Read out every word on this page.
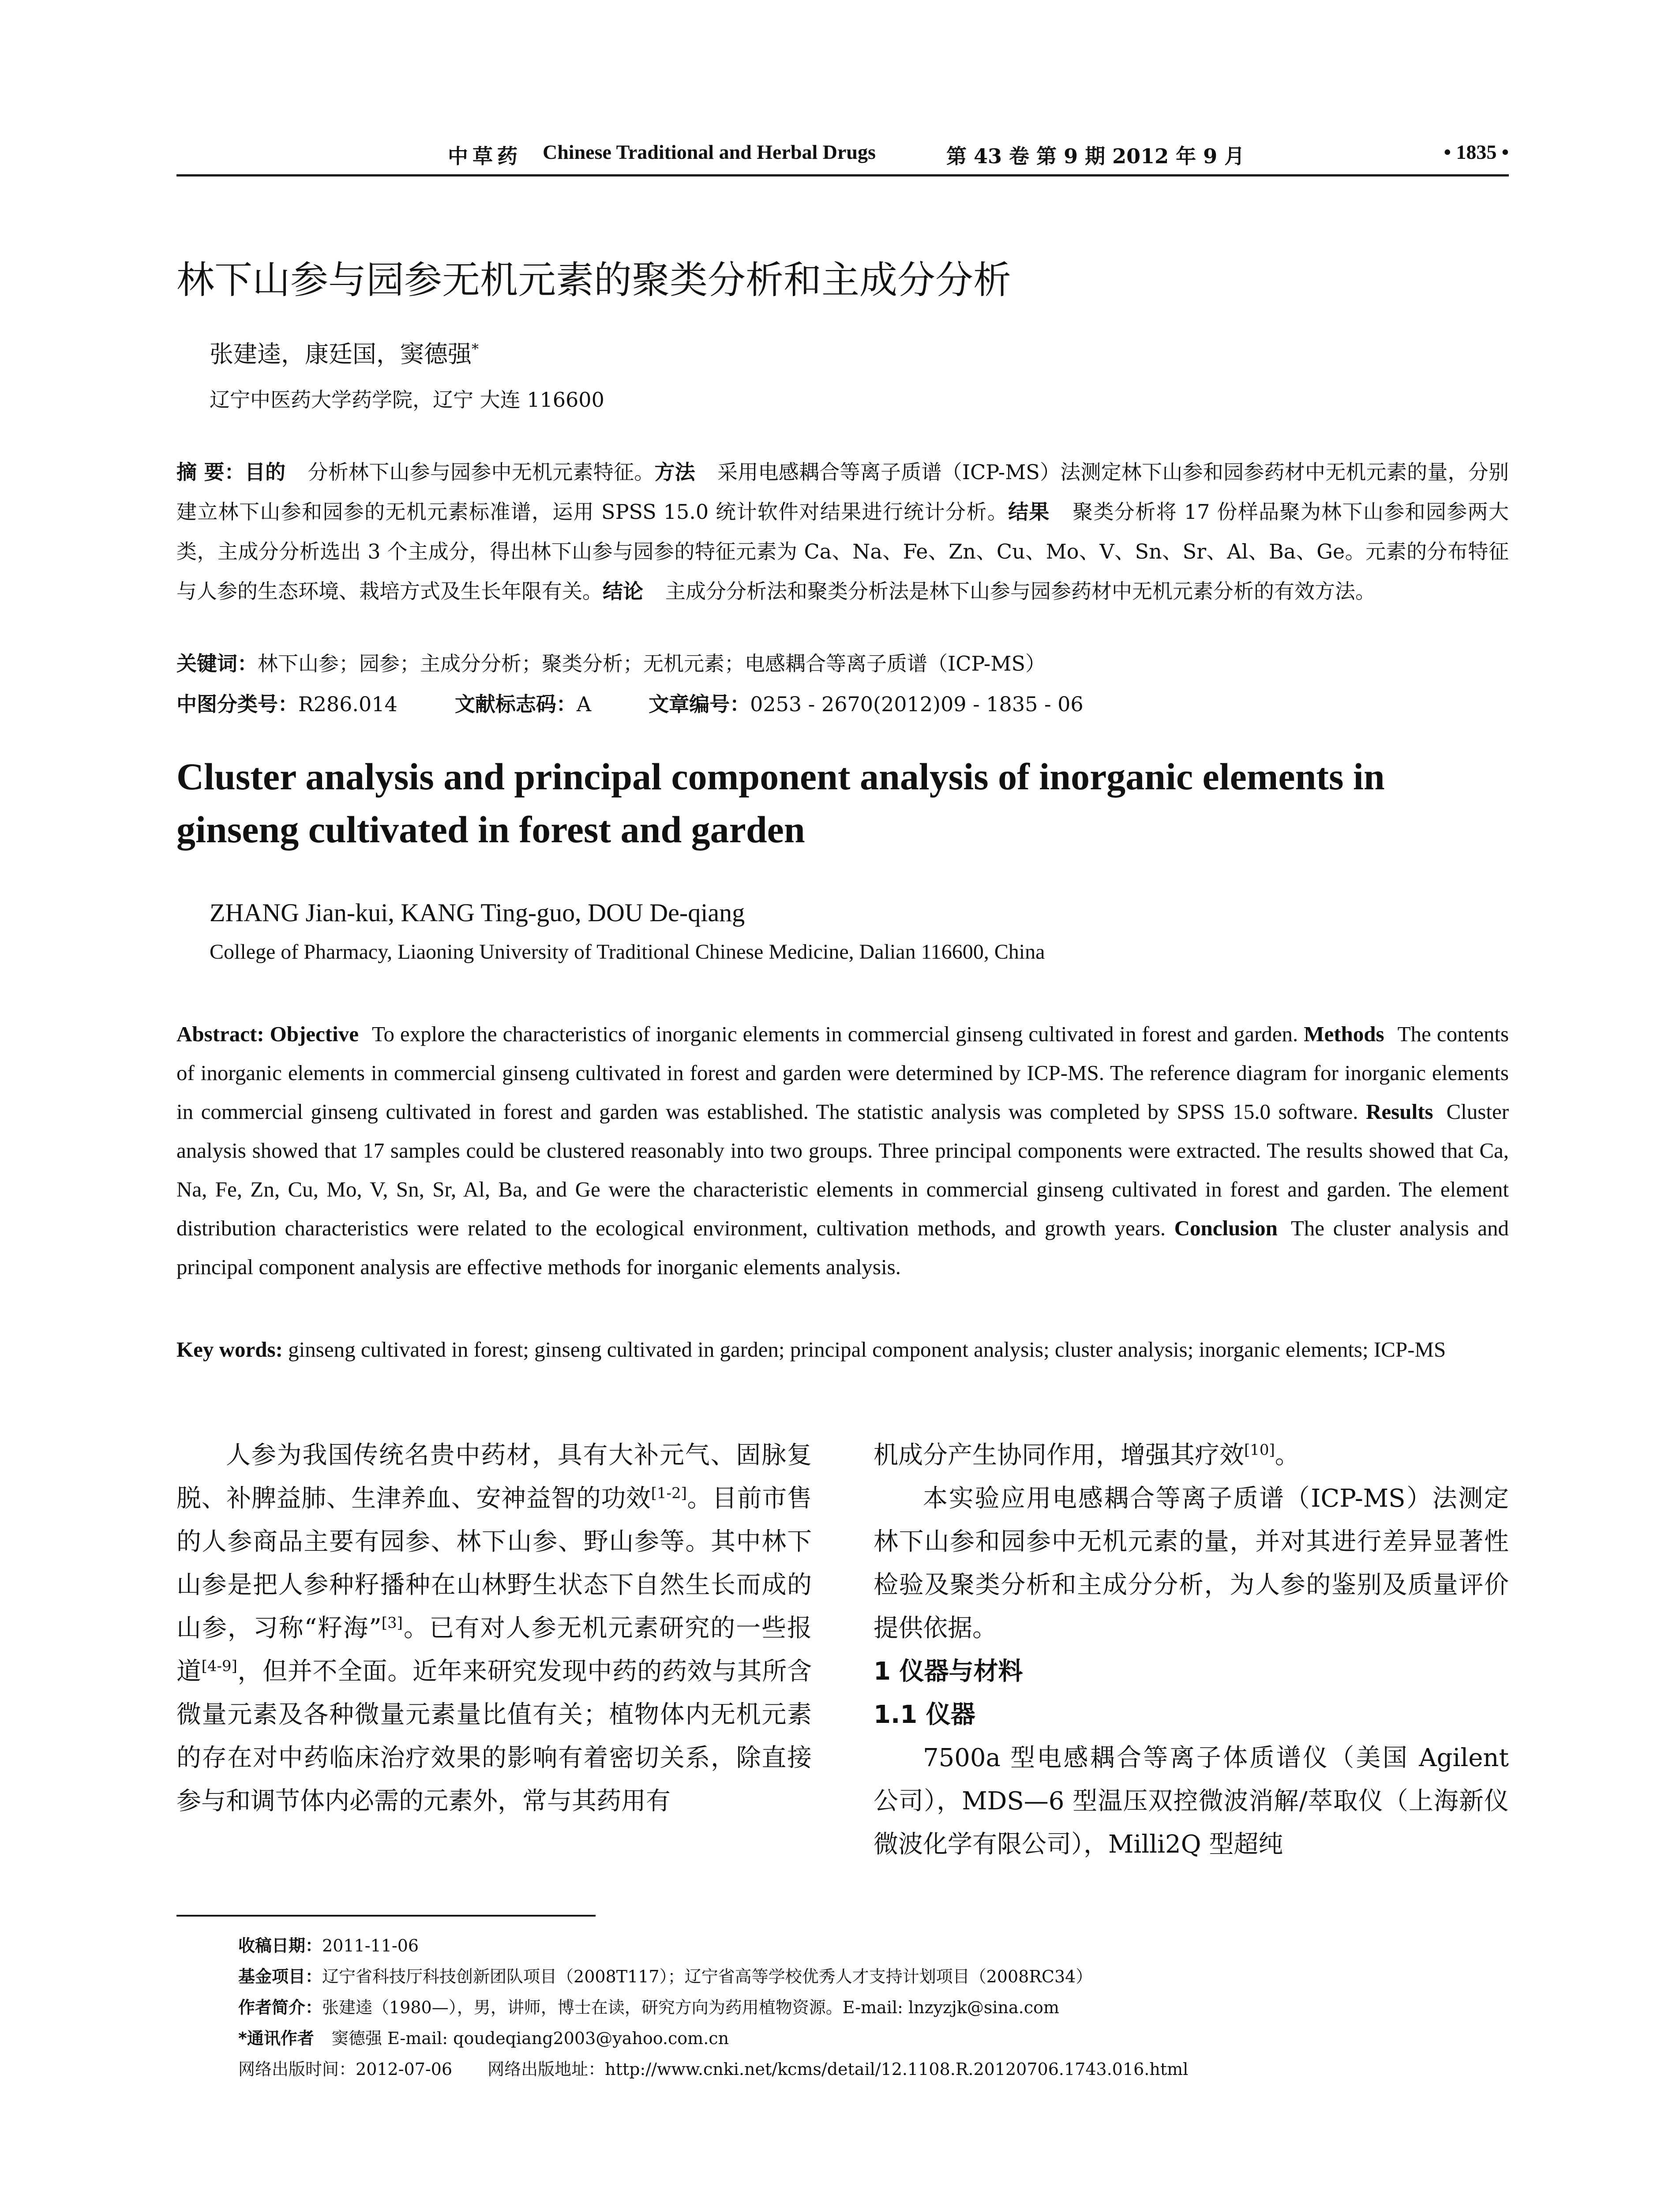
中草药 Chinese Traditional and Herbal Drugs	第 43 卷 第 9 期 2012 年 9 月	• 1835 •
林下山参与园参无机元素的聚类分析和主成分分析
张建逵，康廷国，窦德强*
辽宁中医药大学药学院，辽宁 大连 116600
摘 要：目的 分析林下山参与园参中无机元素特征。方法 采用电感耦合等离子质谱（ICP-MS）法测定林下山参和园参药材中无机元素的量，分别建立林下山参和园参的无机元素标准谱，运用 SPSS 15.0 统计软件对结果进行统计分析。结果 聚类分析将 17 份样品聚为林下山参和园参两大类，主成分分析选出 3 个主成分，得出林下山参与园参的特征元素为 Ca、Na、Fe、Zn、Cu、Mo、V、Sn、Sr、Al、Ba、Ge。元素的分布特征与人参的生态环境、栽培方式及生长年限有关。结论 主成分分析法和聚类分析法是林下山参与园参药材中无机元素分析的有效方法。
关键词：林下山参；园参；主成分分析；聚类分析；无机元素；电感耦合等离子质谱（ICP-MS）
中图分类号：R286.014	文献标志码：A	文章编号：0253 - 2670(2012)09 - 1835 - 06
Cluster analysis and principal component analysis of inorganic elements in ginseng cultivated in forest and garden
ZHANG Jian-kui, KANG Ting-guo, DOU De-qiang
College of Pharmacy, Liaoning University of Traditional Chinese Medicine, Dalian 116600, China
Abstract: Objective To explore the characteristics of inorganic elements in commercial ginseng cultivated in forest and garden. Methods The contents of inorganic elements in commercial ginseng cultivated in forest and garden were determined by ICP-MS. The reference diagram for inorganic elements in commercial ginseng cultivated in forest and garden was established. The statistic analysis was completed by SPSS 15.0 software. Results Cluster analysis showed that 17 samples could be clustered reasonably into two groups. Three principal components were extracted. The results showed that Ca, Na, Fe, Zn, Cu, Mo, V, Sn, Sr, Al, Ba, and Ge were the characteristic elements in commercial ginseng cultivated in forest and garden. The element distribution characteristics were related to the ecological environment, cultivation methods, and growth years. Conclusion The cluster analysis and principal component analysis are effective methods for inorganic elements analysis.
Key words: ginseng cultivated in forest; ginseng cultivated in garden; principal component analysis; cluster analysis; inorganic elements; ICP-MS

人参为我国传统名贵中药材，具有大补元气、固脉复脱、补脾益肺、生津养血、安神益智的功效[1-2]。目前市售的人参商品主要有园参、林下山参、野山参等。其中林下山参是把人参种籽播种在山林野生状态下自然生长而成的山参，习称“籽海”[3]。已有对人参无机元素研究的一些报道[4-9]，但并不全面。近年来研究发现中药的药效与其所含微量元素及各种微量元素量比值有关；植物体内无机元素的存在对中药临床治疗效果的影响有着密切关系，除直接参与和调节体内必需的元素外，常与其药用有

机成分产生协同作用，增强其疗效[10]。

本实验应用电感耦合等离子质谱（ICP-MS）法测定林下山参和园参中无机元素的量，并对其进行差异显著性检验及聚类分析和主成分分析，为人参的鉴别及质量评价提供依据。

1 仪器与材料

1.1 仪器

7500a 型电感耦合等离子体质谱仪（美国 Agilent 公司），MDS—6 型温压双控微波消解/萃取仪（上海新仪微波化学有限公司），Milli2Q 型超纯

收稿日期：2011-11-06
基金项目：辽宁省科技厅科技创新团队项目（2008T117）；辽宁省高等学校优秀人才支持计划项目（2008RC34）
作者简介：张建逵（1980—），男，讲师，博士在读，研究方向为药用植物资源。E-mail: lnzyzjk@sina.com
*通讯作者 窦德强 E-mail: qoudeqiang2003@yahoo.com.cn
网络出版时间：2012-07-06 网络出版地址：http://www.cnki.net/kcms/detail/12.1108.R.20120706.1743.016.html
